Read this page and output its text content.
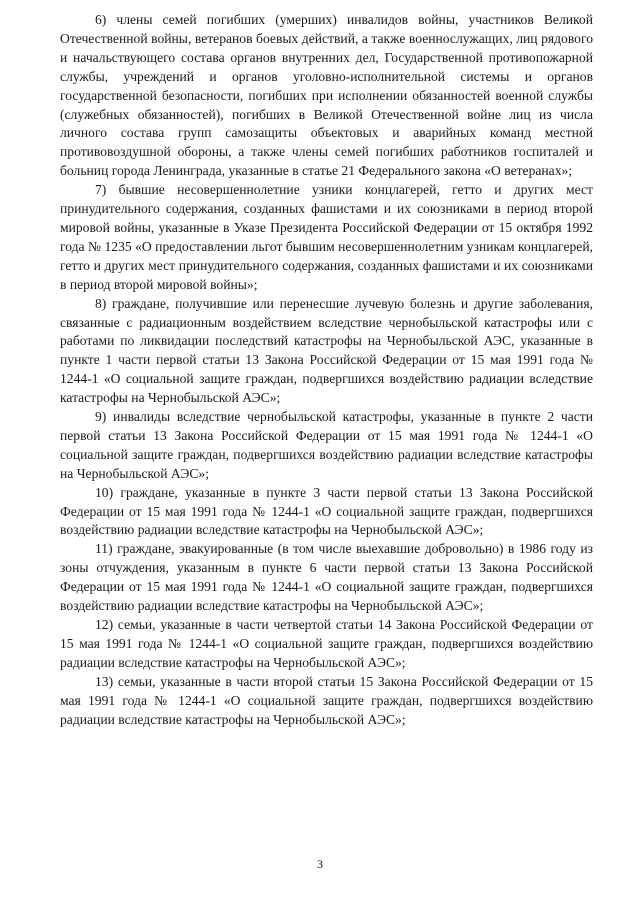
6) члены семей погибших (умерших) инвалидов войны, участников Великой Отечественной войны, ветеранов боевых действий, а также военнослужащих, лиц рядового и начальствующего состава органов внутренних дел, Государственной противопожарной службы, учреждений и органов уголовно-исполнительной системы и органов государственной безопасности, погибших при исполнении обязанностей военной службы (служебных обязанностей), погибших в Великой Отечественной войне лиц из числа личного состава групп самозащиты объектовых и аварийных команд местной противовоздушной обороны, а также члены семей погибших работников госпиталей и больниц города Ленинграда, указанные в статье 21 Федерального закона «О ветеранах»;

7) бывшие несовершеннолетние узники концлагерей, гетто и других мест принудительного содержания, созданных фашистами и их союзниками в период второй мировой войны, указанные в Указе Президента Российской Федерации от 15 октября 1992 года № 1235 «О предоставлении льгот бывшим несовершеннолетним узникам концлагерей, гетто и других мест принудительного содержания, созданных фашистами и их союзниками в период второй мировой войны»;

8) граждане, получившие или перенесшие лучевую болезнь и другие заболевания, связанные с радиационным воздействием вследствие чернобыльской катастрофы или с работами по ликвидации последствий катастрофы на Чернобыльской АЭС, указанные в пункте 1 части первой статьи 13 Закона Российской Федерации от 15 мая 1991 года № 1244-1 «О социальной защите граждан, подвергшихся воздействию радиации вследствие катастрофы на Чернобыльской АЭС»;

9) инвалиды вследствие чернобыльской катастрофы, указанные в пункте 2 части первой статьи 13 Закона Российской Федерации от 15 мая 1991 года № 1244-1 «О социальной защите граждан, подвергшихся воздействию радиации вследствие катастрофы на Чернобыльской АЭС»;

10) граждане, указанные в пункте 3 части первой статьи 13 Закона Российской Федерации от 15 мая 1991 года № 1244-1 «О социальной защите граждан, подвергшихся воздействию радиации вследствие катастрофы на Чернобыльской АЭС»;

11) граждане, эвакуированные (в том числе выехавшие добровольно) в 1986 году из зоны отчуждения, указанным в пункте 6 части первой статьи 13 Закона Российской Федерации от 15 мая 1991 года № 1244-1 «О социальной защите граждан, подвергшихся воздействию радиации вследствие катастрофы на Чернобыльской АЭС»;

12) семьи, указанные в части четвертой статьи 14 Закона Российской Федерации от 15 мая 1991 года № 1244-1 «О социальной защите граждан, подвергшихся воздействию радиации вследствие катастрофы на Чернобыльской АЭС»;

13) семьи, указанные в части второй статьи 15 Закона Российской Федерации от 15 мая 1991 года № 1244-1 «О социальной защите граждан, подвергшихся воздействию радиации вследствие катастрофы на Чернобыльской АЭС»;

3
